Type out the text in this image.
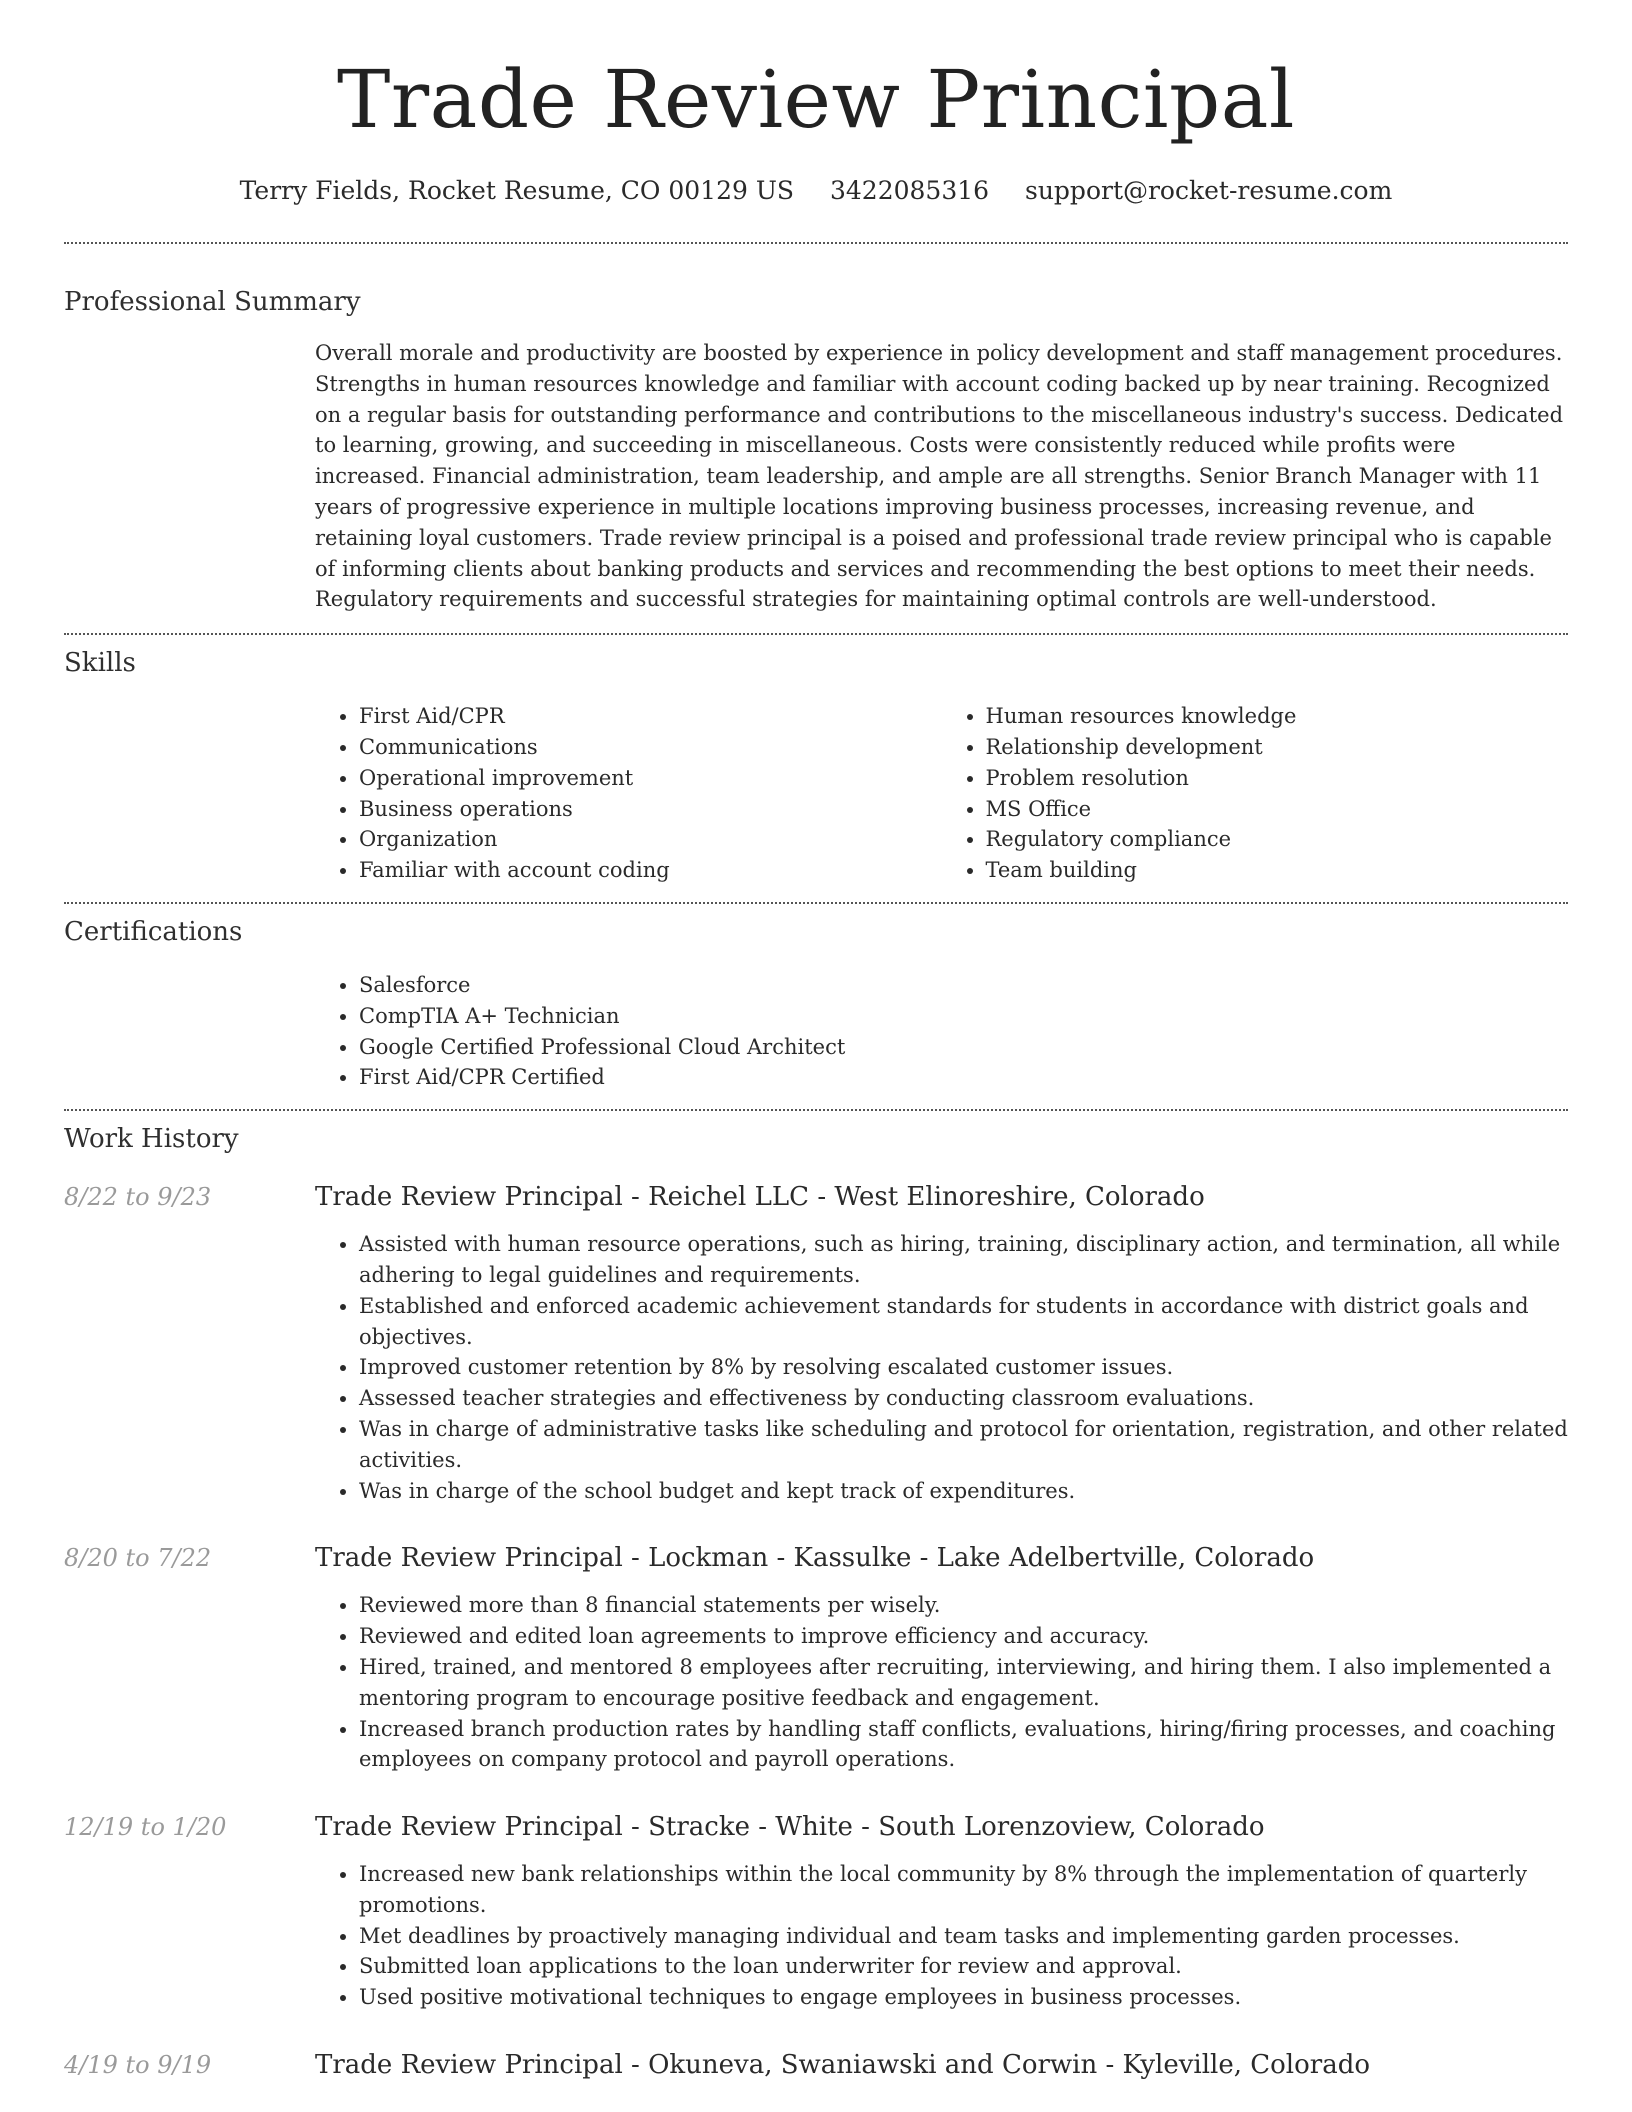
Trade Review Principal
Terry Fields, Rocket Resume, CO 00129 US 3422085316 support@rocket-resume.com
Professional Summary
Overall morale and productivity are boosted by experience in policy development and staff management procedures. Strengths in human resources knowledge and familiar with account coding backed up by near training. Recognized on a regular basis for outstanding performance and contributions to the miscellaneous industry's success. Dedicated to learning, growing, and succeeding in miscellaneous. Costs were consistently reduced while profits were increased. Financial administration, team leadership, and ample are all strengths. Senior Branch Manager with 11 years of progressive experience in multiple locations improving business processes, increasing revenue, and retaining loyal customers. Trade review principal is a poised and professional trade review principal who is capable of informing clients about banking products and services and recommending the best options to meet their needs. Regulatory requirements and successful strategies for maintaining optimal controls are well-understood.
Skills
• First Aid/CPR
• Communications
• Operational improvement
• Business operations
• Organization
• Familiar with account coding
• Human resources knowledge
• Relationship development
• Problem resolution
• MS Office
• Regulatory compliance
• Team building
Certifications
• Salesforce
• CompTIA A+ Technician
• Google Certified Professional Cloud Architect
• First Aid/CPR Certified
Work History
8/22 to 9/23	Trade Review Principal - Reichel LLC - West Elinoreshire, Colorado
• Assisted with human resource operations, such as hiring, training, disciplinary action, and termination, all while adhering to legal guidelines and requirements.
• Established and enforced academic achievement standards for students in accordance with district goals and objectives.
• Improved customer retention by 8% by resolving escalated customer issues.
• Assessed teacher strategies and effectiveness by conducting classroom evaluations.
• Was in charge of administrative tasks like scheduling and protocol for orientation, registration, and other related activities.
• Was in charge of the school budget and kept track of expenditures.
8/20 to 7/22	Trade Review Principal - Lockman - Kassulke - Lake Adelbertville, Colorado
• Reviewed more than 8 financial statements per wisely.
• Reviewed and edited loan agreements to improve efficiency and accuracy.
• Hired, trained, and mentored 8 employees after recruiting, interviewing, and hiring them. I also implemented a mentoring program to encourage positive feedback and engagement.
• Increased branch production rates by handling staff conflicts, evaluations, hiring/firing processes, and coaching employees on company protocol and payroll operations.
12/19 to 1/20	Trade Review Principal - Stracke - White - South Lorenzoview, Colorado
• Increased new bank relationships within the local community by 8% through the implementation of quarterly promotions.
• Met deadlines by proactively managing individual and team tasks and implementing garden processes.
• Submitted loan applications to the loan underwriter for review and approval.
• Used positive motivational techniques to engage employees in business processes.
4/19 to 9/19	Trade Review Principal - Okuneva, Swaniawski and Corwin - Kyleville, Colorado
